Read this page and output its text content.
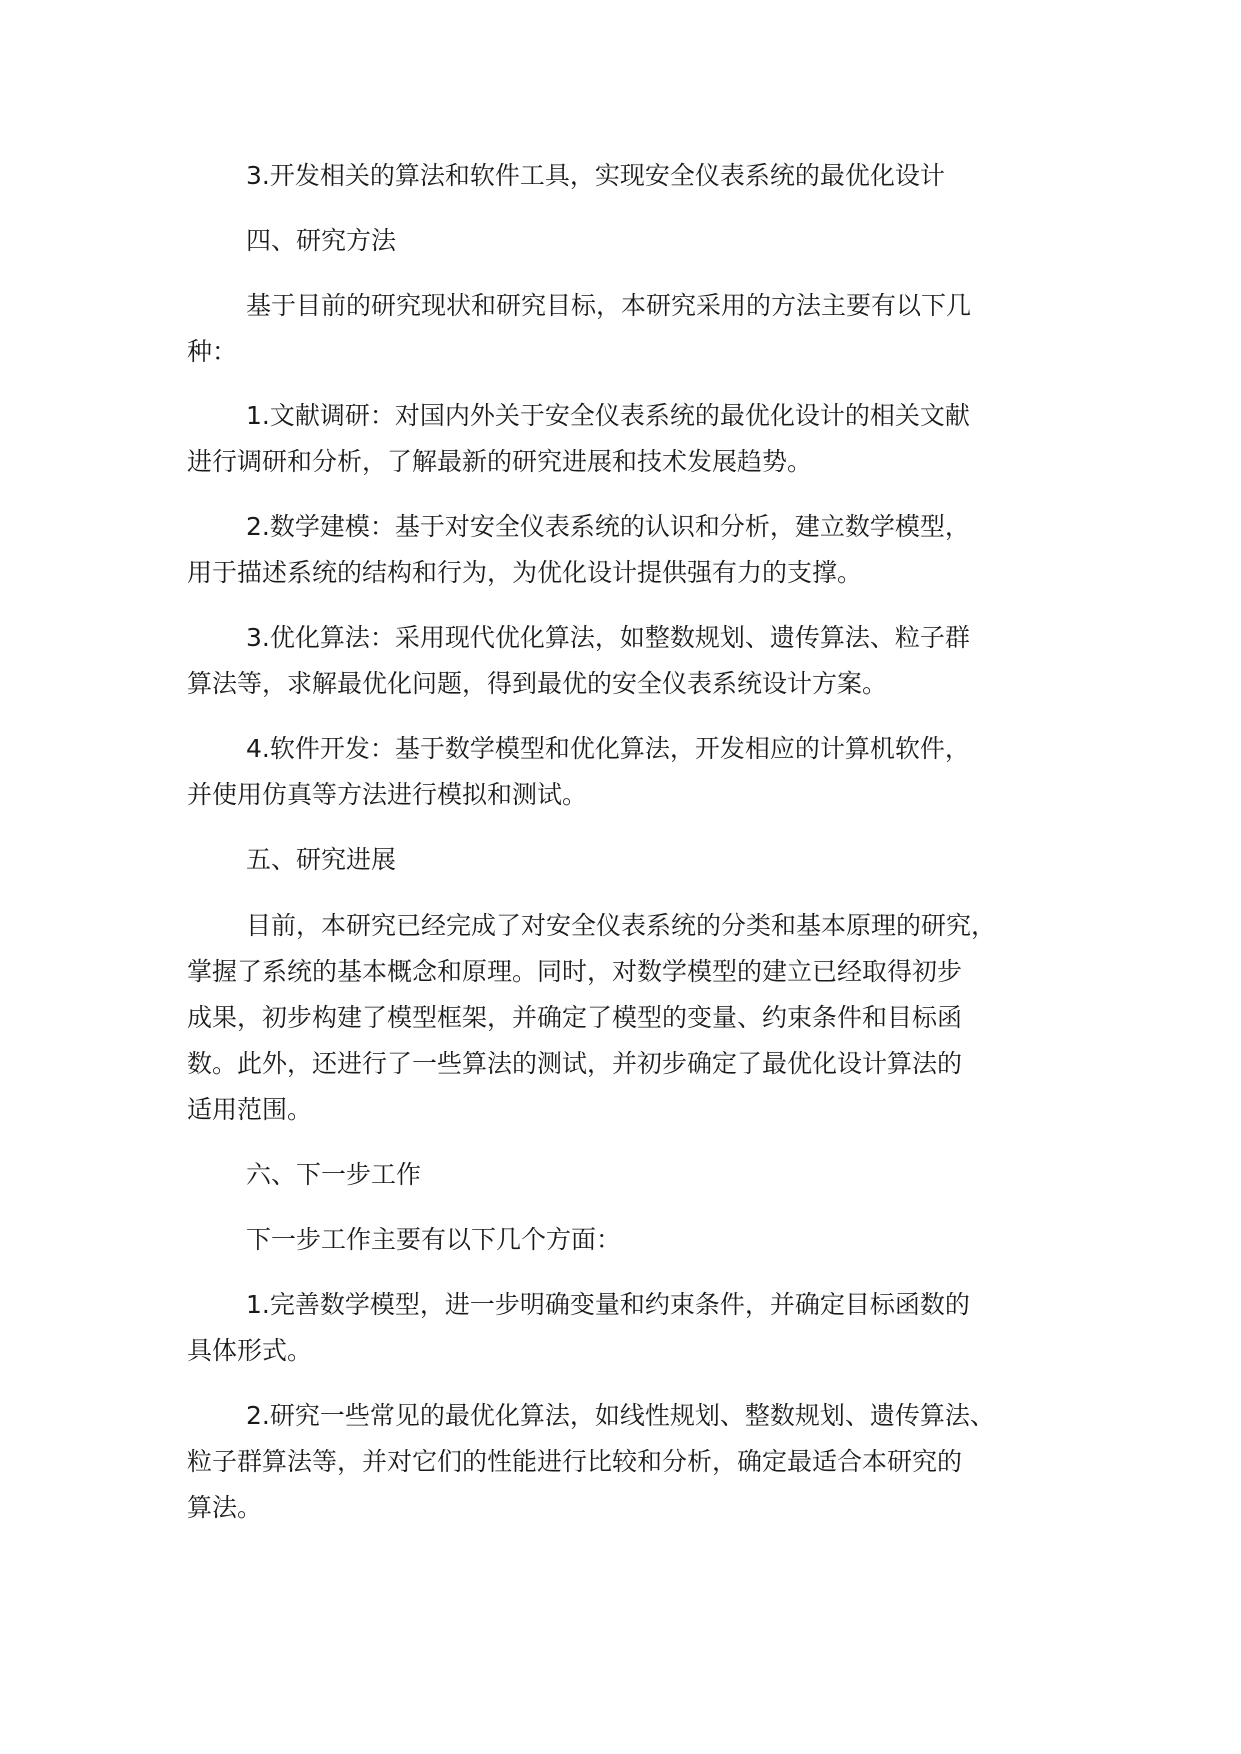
3.开发相关的算法和软件工具，实现安全仪表系统的最优化设计
四、研究方法
基于目前的研究现状和研究目标，本研究采用的方法主要有以下几
种：
1.文献调研：对国内外关于安全仪表系统的最优化设计的相关文献
进行调研和分析，了解最新的研究进展和技术发展趋势。
2.数学建模：基于对安全仪表系统的认识和分析，建立数学模型，
用于描述系统的结构和行为，为优化设计提供强有力的支撑。
3.优化算法：采用现代优化算法，如整数规划、遗传算法、粒子群
算法等，求解最优化问题，得到最优的安全仪表系统设计方案。
4.软件开发：基于数学模型和优化算法，开发相应的计算机软件，
并使用仿真等方法进行模拟和测试。
五、研究进展
目前，本研究已经完成了对安全仪表系统的分类和基本原理的研究，
掌握了系统的基本概念和原理。同时，对数学模型的建立已经取得初步
成果，初步构建了模型框架，并确定了模型的变量、约束条件和目标函
数。此外，还进行了一些算法的测试，并初步确定了最优化设计算法的
适用范围。
六、下一步工作
下一步工作主要有以下几个方面：
1.完善数学模型，进一步明确变量和约束条件，并确定目标函数的
具体形式。
2.研究一些常见的最优化算法，如线性规划、整数规划、遗传算法、
粒子群算法等，并对它们的性能进行比较和分析，确定最适合本研究的
算法。
